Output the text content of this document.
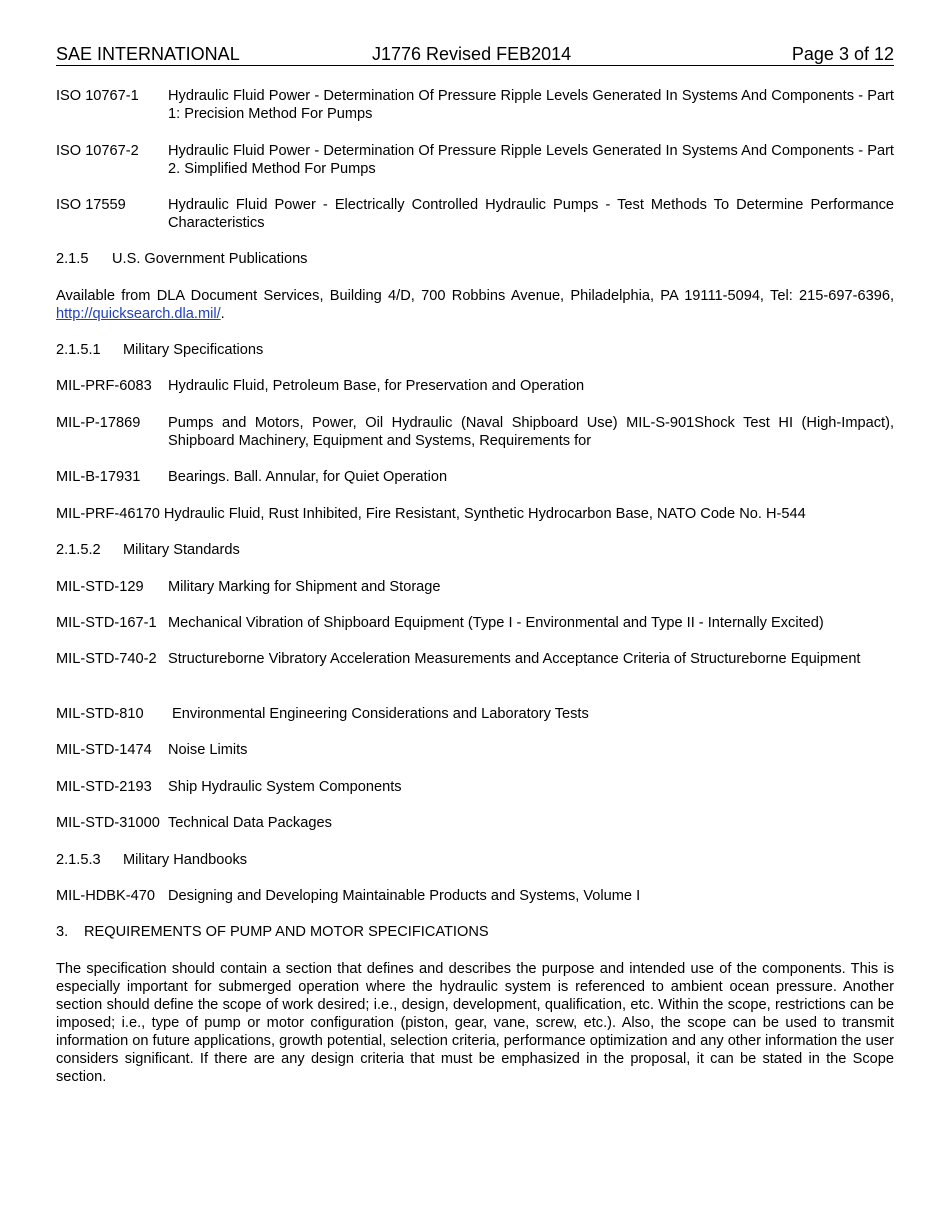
SAE INTERNATIONAL	J1776 Revised FEB2014	Page 3 of 12
ISO 10767-1 Hydraulic Fluid Power - Determination Of Pressure Ripple Levels Generated In Systems And Components - Part 1: Precision Method For Pumps
ISO 10767-2 Hydraulic Fluid Power - Determination Of Pressure Ripple Levels Generated In Systems And Components - Part 2. Simplified Method For Pumps
ISO 17559	Hydraulic Fluid Power - Electrically Controlled Hydraulic Pumps - Test Methods To Determine Performance Characteristics
2.1.5 U.S. Government Publications
Available from DLA Document Services, Building 4/D, 700 Robbins Avenue, Philadelphia, PA 19111-5094, Tel: 215-697-6396, http://quicksearch.dla.mil/.
2.1.5.1 Military Specifications
MIL-PRF-6083 Hydraulic Fluid, Petroleum Base, for Preservation and Operation
MIL-P-17869 Pumps and Motors, Power, Oil Hydraulic (Naval Shipboard Use) MIL-S-901Shock Test HI (High-Impact), Shipboard Machinery, Equipment and Systems, Requirements for
MIL-B-17931 Bearings. Ball. Annular, for Quiet Operation
MIL-PRF-46170 Hydraulic Fluid, Rust Inhibited, Fire Resistant, Synthetic Hydrocarbon Base, NATO Code No. H-544
2.1.5.2 Military Standards
MIL-STD-129 Military Marking for Shipment and Storage
MIL-STD-167-1 Mechanical Vibration of Shipboard Equipment (Type I - Environmental and Type II - Internally Excited)
MIL-STD-740-2 Structureborne Vibratory Acceleration Measurements and Acceptance Criteria of Structureborne Equipment
MIL-STD-810 Environmental Engineering Considerations and Laboratory Tests
MIL-STD-1474 Noise Limits
MIL-STD-2193 Ship Hydraulic System Components
MIL-STD-31000 Technical Data Packages
2.1.5.3 Military Handbooks
MIL-HDBK-470 Designing and Developing Maintainable Products and Systems, Volume I
3. REQUIREMENTS OF PUMP AND MOTOR SPECIFICATIONS
The specification should contain a section that defines and describes the purpose and intended use of the components. This is especially important for submerged operation where the hydraulic system is referenced to ambient ocean pressure. Another section should define the scope of work desired; i.e., design, development, qualification, etc. Within the scope, restrictions can be imposed; i.e., type of pump or motor configuration (piston, gear, vane, screw, etc.). Also, the scope can be used to transmit information on future applications, growth potential, selection criteria, performance optimization and any other information the user considers significant. If there are any design criteria that must be emphasized in the proposal, it can be stated in the Scope section.
